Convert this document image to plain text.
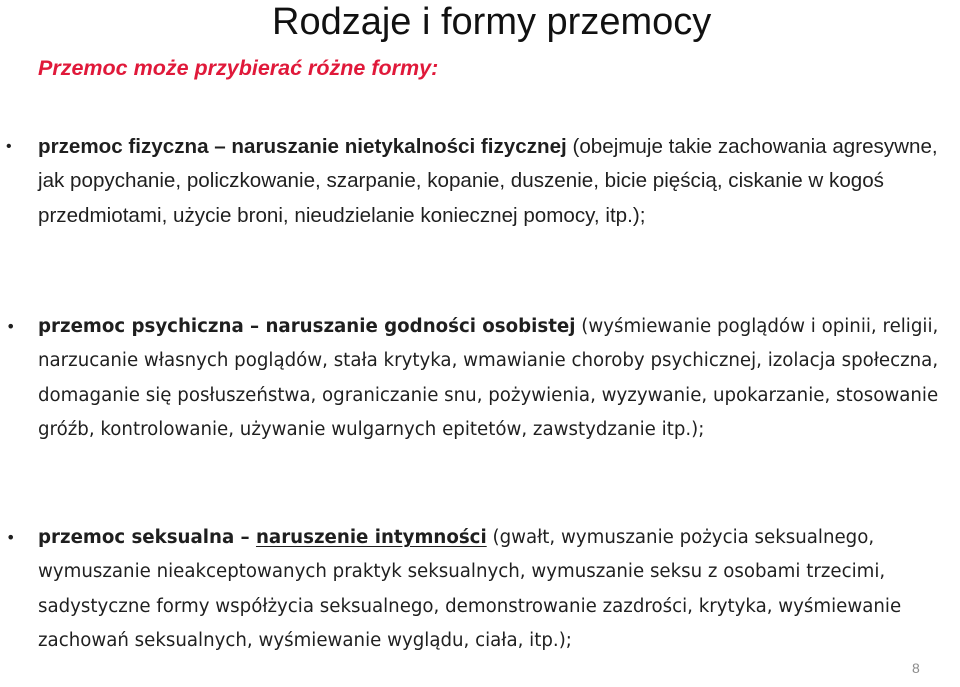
Rodzaje i formy przemocy
Przemoc może przybierać różne formy:
• przemoc fizyczna – naruszanie nietykalności fizycznej (obejmuje takie zachowania agresywne, jak popychanie, policzkowanie, szarpanie, kopanie, duszenie, bicie pięścią, ciskanie w kogoś przedmiotami, użycie broni, nieudzielanie koniecznej pomocy, itp.);
• przemoc psychiczna – naruszanie godności osobistej (wyśmiewanie poglądów i opinii, religii, narzucanie własnych poglądów, stała krytyka, wmawianie choroby psychicznej, izolacja społeczna, domaganie się posłuszeństwa, ograniczanie snu, pożywienia, wyzywanie, upokarzanie, stosowanie gróźb, kontrolowanie, używanie wulgarnych epitetów, zawstydzanie itp.);
• przemoc seksualna – naruszenie intymności (gwałt, wymuszanie pożycia seksualnego, wymuszanie nieakceptowanych praktyk seksualnych, wymuszanie seksu z osobami trzecimi, sadystyczne formy współżycia seksualnego, demonstrowanie zazdrości, krytyka, wyśmiewanie zachowań seksualnych, wyśmiewanie wyglądu, ciała, itp.);
8
